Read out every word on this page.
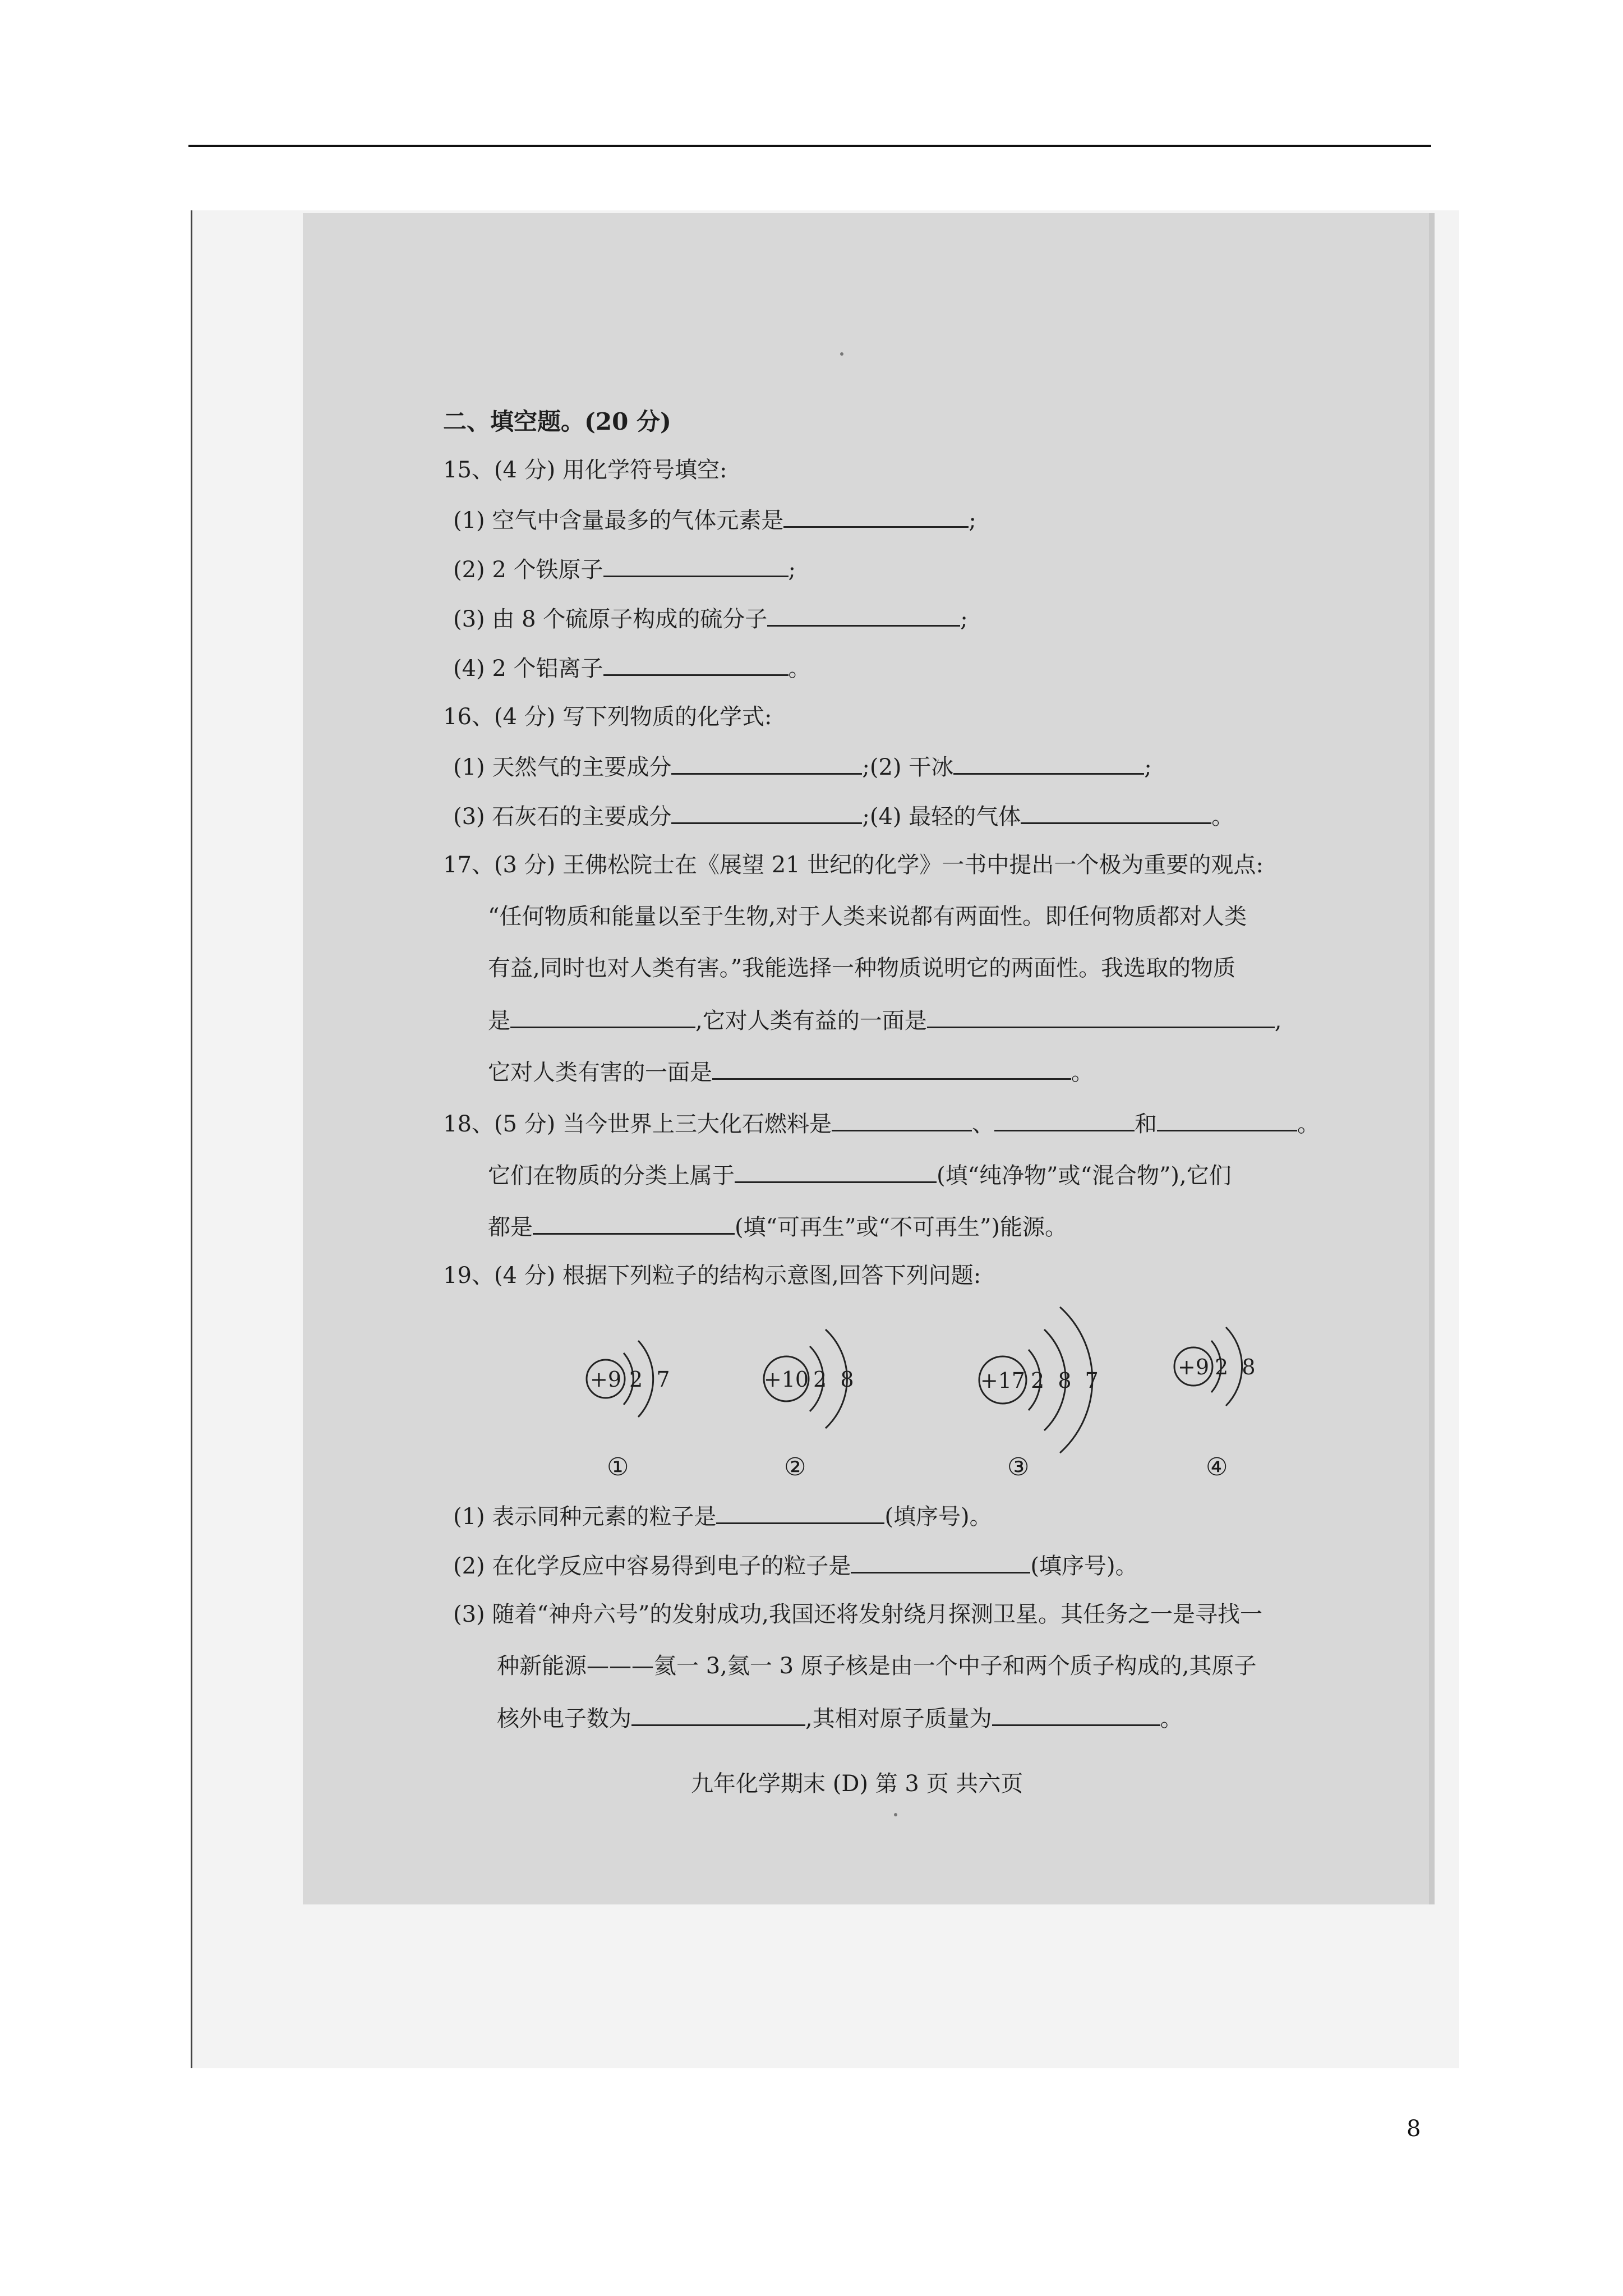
二、填空题。(20 分)
15、(4 分) 用化学符号填空:
(1) 空气中含量最多的气体元素是	;
(2) 2 个铁原子	;
(3) 由 8 个硫原子构成的硫分子	;
(4) 2 个铝离子	。
16、(4 分) 写下列物质的化学式:
(1) 天然气的主要成分	;(2) 干冰	;
(3) 石灰石的主要成分	;(4) 最轻的气体	。
17、(3 分) 王佛松院士在《展望 21 世纪的化学》一书中提出一个极为重要的观点:
“任何物质和能量以至于生物,对于人类来说都有两面性。即任何物质都对人类
有益,同时也对人类有害。”我能选择一种物质说明它的两面性。我选取的物质
是	,它对人类有益的一面是	,
它对人类有害的一面是	。
18、(5 分) 当今世界上三大化石燃料是	、	和	。
它们在物质的分类上属于	(填“纯净物”或“混合物”),它们
都是	(填“可再生”或“不可再生”)能源。
19、(4 分) 根据下列粒子的结构示意图,回答下列问题:
+9 2  7	+10 2  8	+17 2  8  7
+9 2  8
①	②	③	④
(1) 表示同种元素的粒子是	(填序号)。
(2) 在化学反应中容易得到电子的粒子是	(填序号)。
(3) 随着“神舟六号”的发射成功,我国还将发射绕月探测卫星。其任务之一是寻找一
种新能源———氦一 3,氦一 3 原子核是由一个中子和两个质子构成的,其原子
核外电子数为	,其相对原子质量为	。
九年化学期末 (D) 第 3 页 共六页
8
